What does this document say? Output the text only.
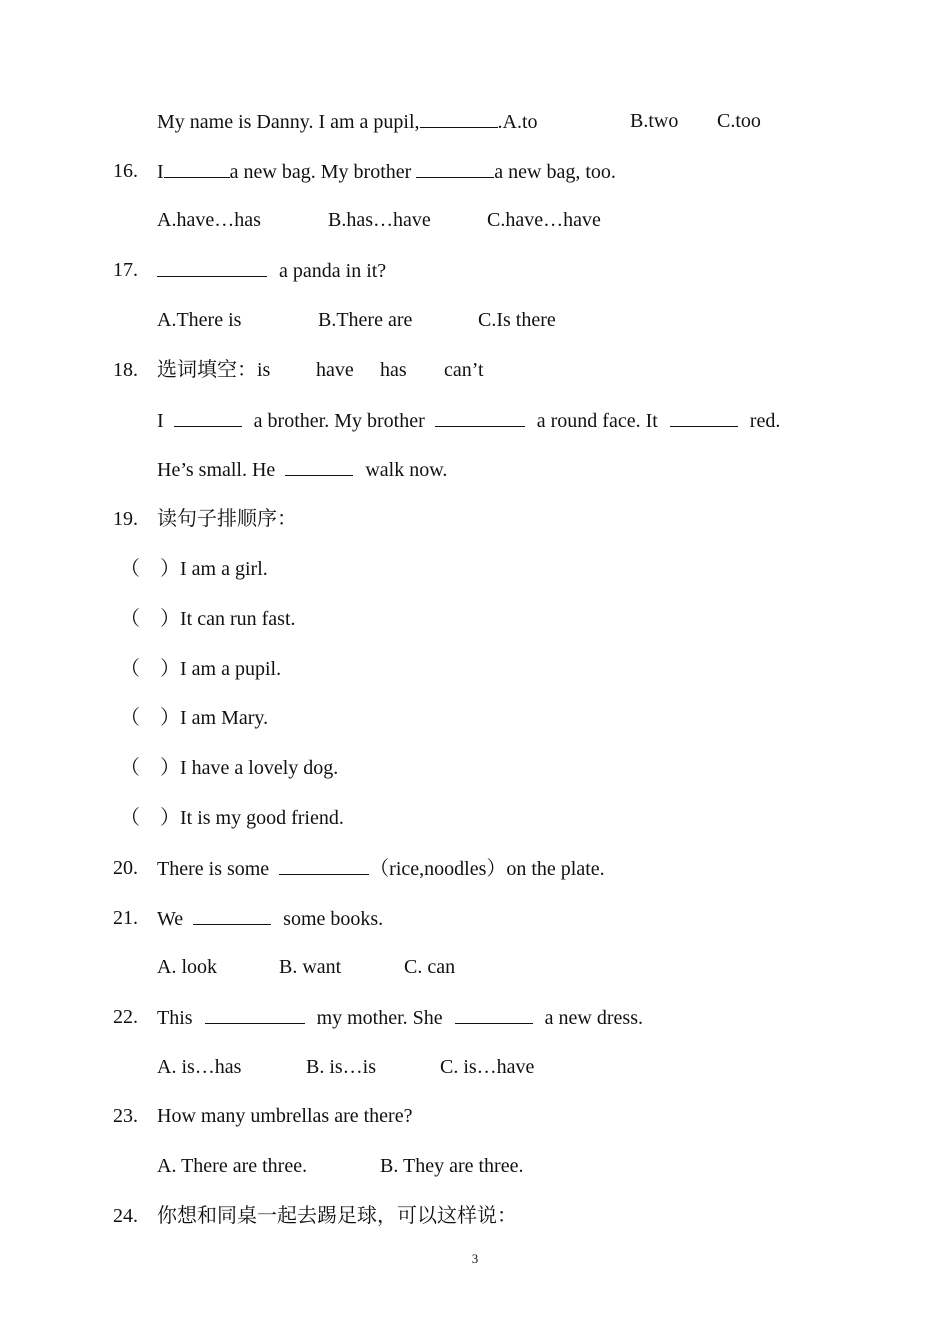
My name is Danny. I am a pupil,	.A.to	B.two C.too
16. I	a new bag. My brother	a new bag, too.
A.have…has	B.has…have	C.have…have
17.	a panda in it?
A.There is	B.There are	C.Is there
18. 选词填空：is have has can’t
I	a brother. My brother	a round face. It	red.
He’s small. He	walk now.
19. 读句子排顺序：
（　） I am a girl.
（　） It can run fast.
（　） I am a pupil.
（　） I am Mary.
（　） I have a lovely dog.
（　） It is my good friend.
20. There is some	（rice,noodles）on the plate.
21. We	some books.
A. look	B. want	C. can
22. This	my mother. She	a new dress.
A. is…has	B. is…is	C. is…have
23. How many umbrellas are there?
A. There are three.	B. They are three.
24. 你想和同桌一起去踢足球，可以这样说：
3
